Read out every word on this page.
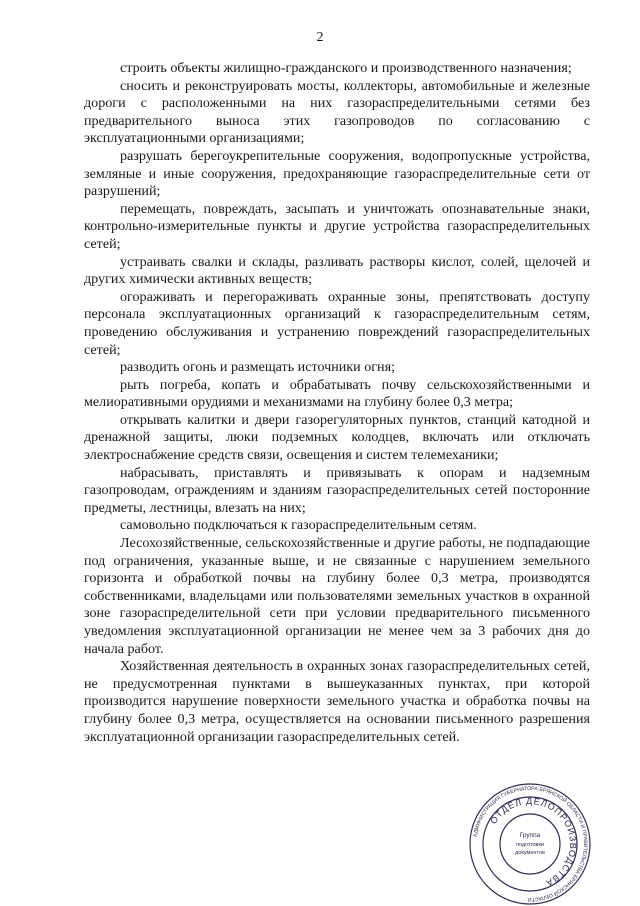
2

строить объекты жилищно-гражданского и производственного назначения;

сносить и реконструировать мосты, коллекторы, автомобильные и железные дороги с расположенными на них газораспределительными сетями без предварительного выноса этих газопроводов по согласованию с эксплуатационными организациями;

разрушать берегоукрепительные сооружения, водопропускные устройства, земляные и иные сооружения, предохраняющие газораспределительные сети от разрушений;

перемещать, повреждать, засыпать и уничтожать опознавательные знаки, контрольно-измерительные пункты и другие устройства газораспределительных сетей;

устраивать свалки и склады, разливать растворы кислот, солей, щелочей и других химически активных веществ;

огораживать и перегораживать охранные зоны, препятствовать доступу персонала эксплуатационных организаций к газораспределительным сетям, проведению обслуживания и устранению повреждений газораспределительных сетей;

разводить огонь и размещать источники огня;

рыть погреба, копать и обрабатывать почву сельскохозяйственными и мелиоративными орудиями и механизмами на глубину более 0,3 метра;

открывать калитки и двери газорегуляторных пунктов, станций катодной и дренажной защиты, люки подземных колодцев, включать или отключать электроснабжение средств связи, освещения и систем телемеханики;

набрасывать, приставлять и привязывать к опорам и надземным газопроводам, ограждениям и зданиям газораспределительных сетей посторонние предметы, лестницы, влезать на них;

самовольно подключаться к газораспределительным сетям.

Лесохозяйственные, сельскохозяйственные и другие работы, не подпадающие под ограничения, указанные выше, и не связанные с нарушением земельного горизонта и обработкой почвы на глубину более 0,3 метра, производятся собственниками, владельцами или пользователями земельных участков в охранной зоне газораспределительной сети при условии предварительного письменного уведомления эксплуатационной организации не менее чем за 3 рабочих дня до начала работ.

Хозяйственная деятельность в охранных зонах газораспределительных сетей, не предусмотренная пунктами в вышеуказанных пунктах, при которой производится нарушение поверхности земельного участка и обработка почвы на глубину более 0,3 метра, осуществляется на основании письменного разрешения эксплуатационной организации газораспределительных сетей.

АДМИНИСТРАЦИЯ ГУБЕРНАТОРА БРЯНСКОЙ ОБЛАСТИ И ПРАВИТЕЛЬСТВА БРЯНСКОЙ ОБЛАСТИ
ОТДЕЛ ДЕЛОПРОИЗВОДСТВА
Группа
подготовки
документов
